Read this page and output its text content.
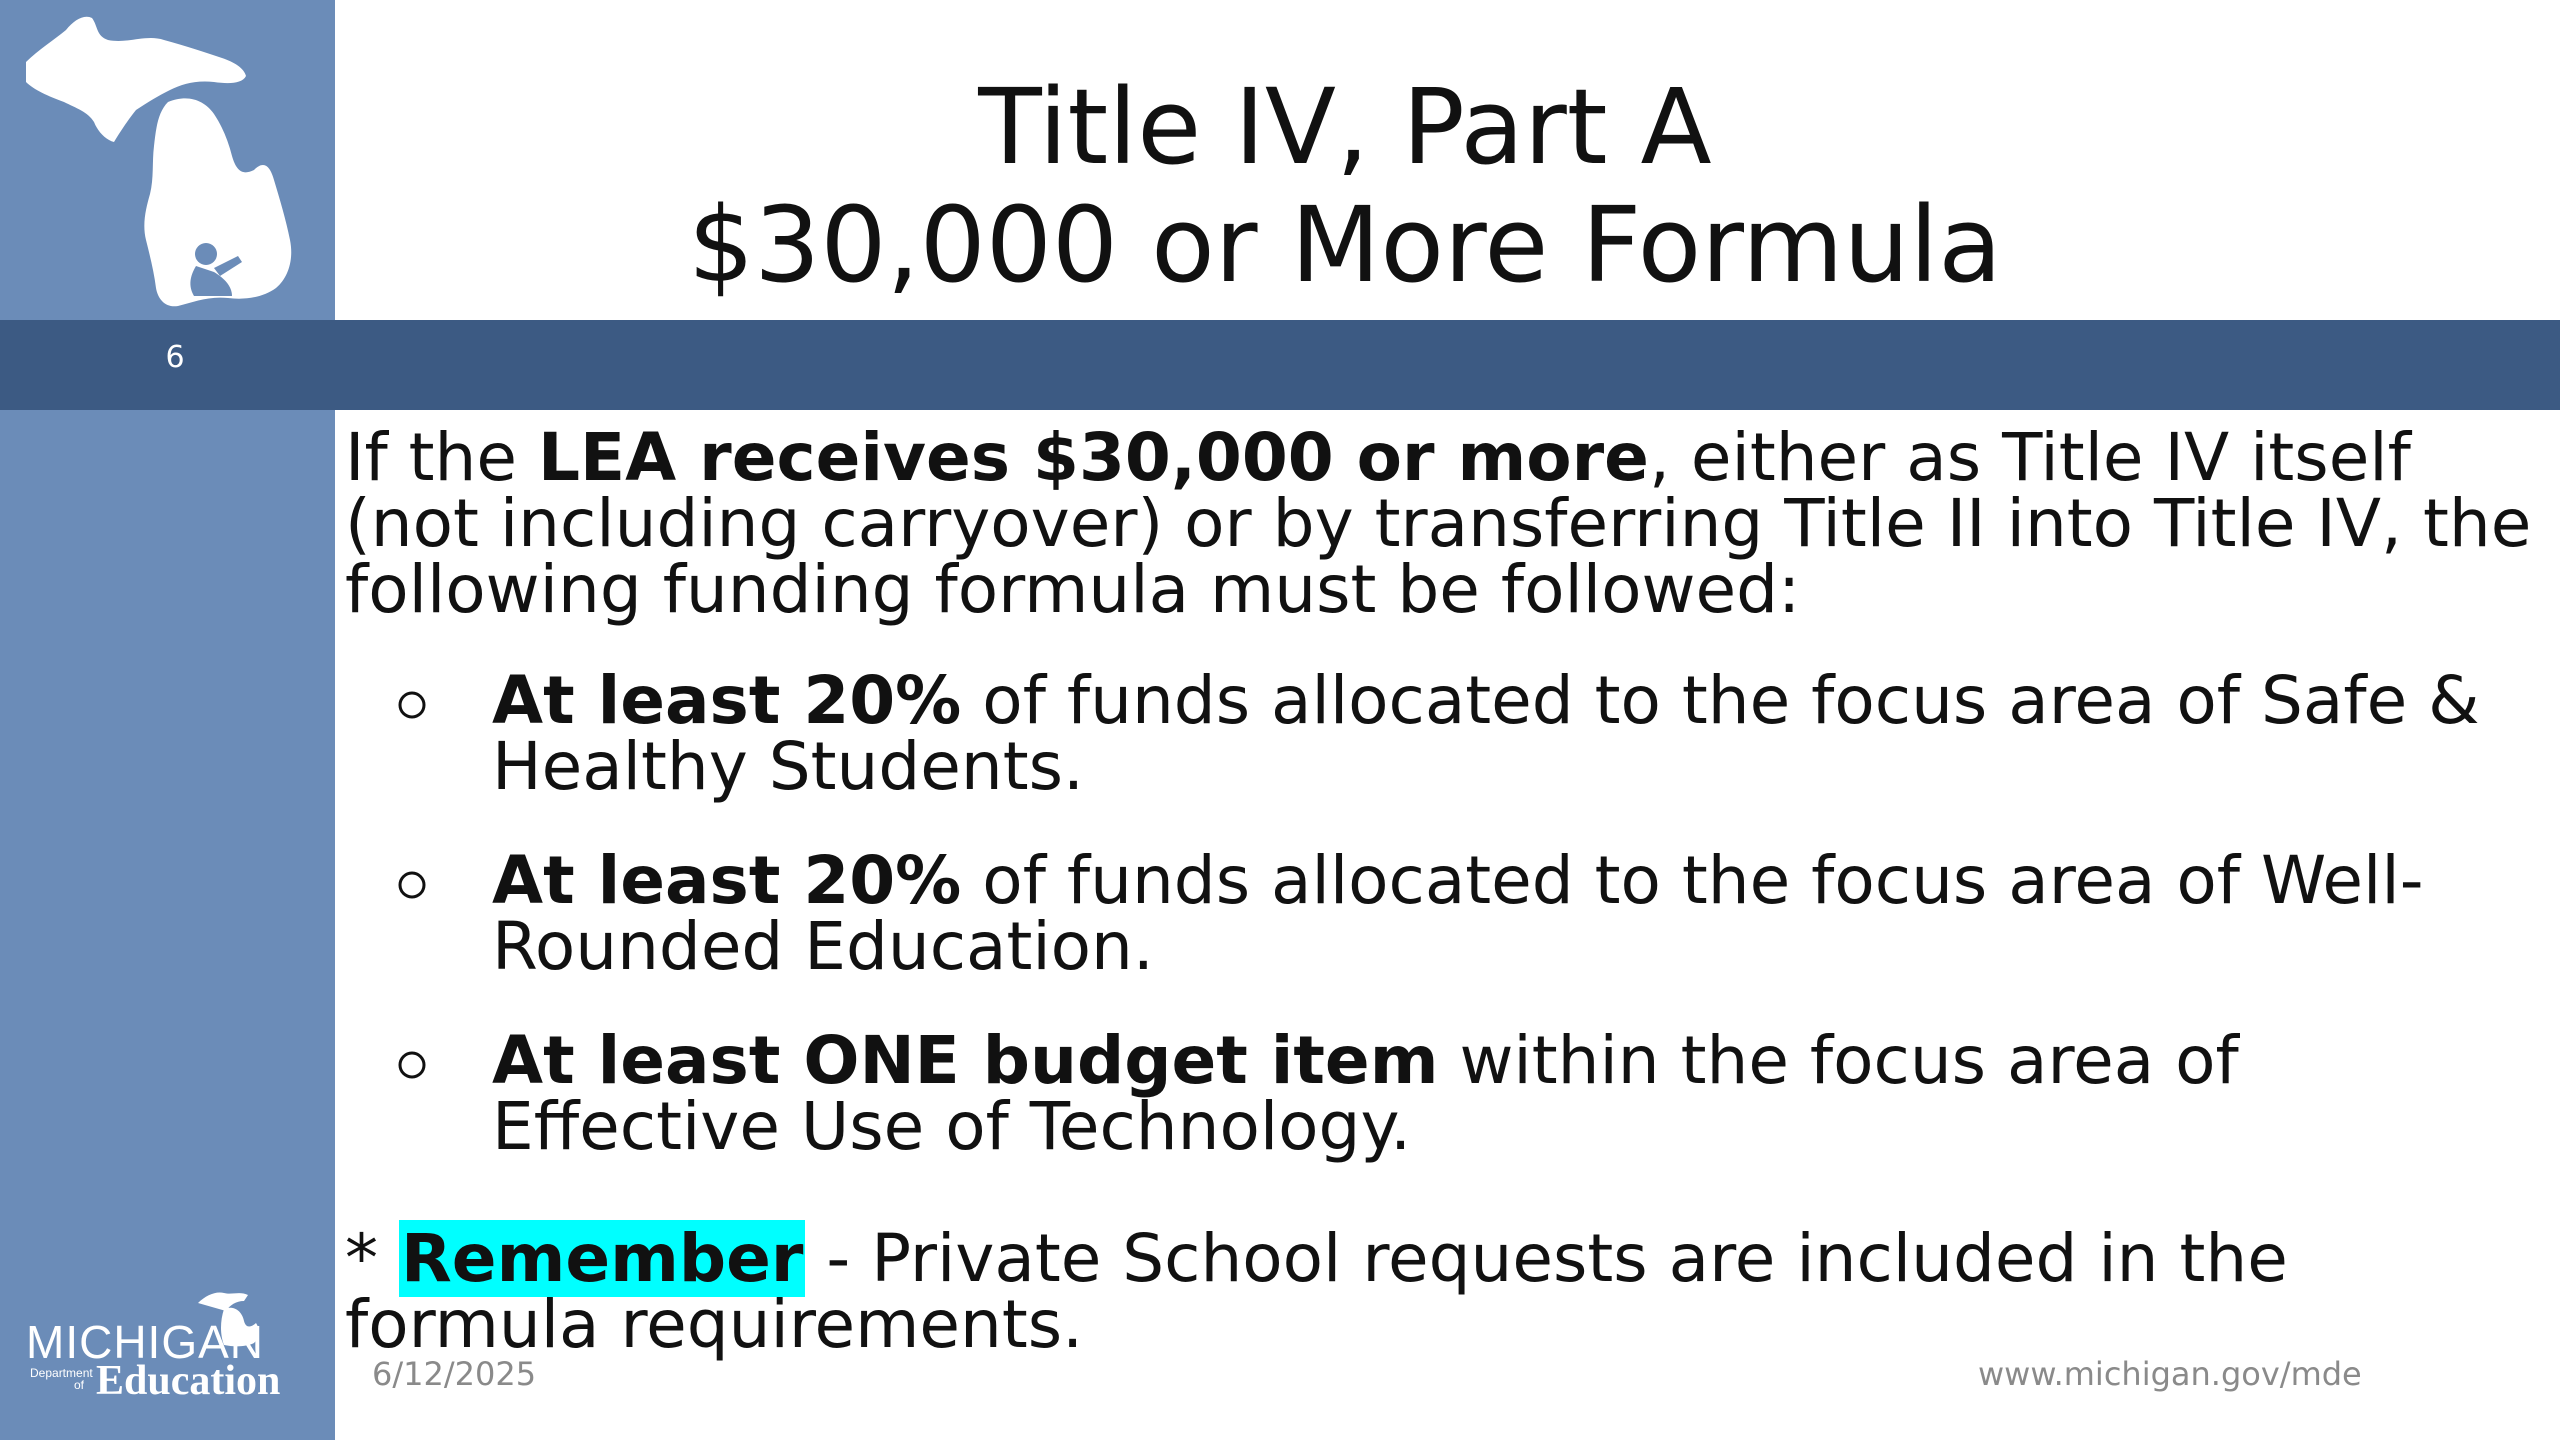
6
MICHIGAN
Department
of Education
Title IV, Part A
$30,000 or More Formula

If the LEA receives $30,000 or more, either as Title IV itself (not including carryover) or by transferring Title II into Title IV, the following funding formula must be followed:

At least 20% of funds allocated to the focus area of Safe & Healthy Students.
At least 20% of funds allocated to the focus area of Well-Rounded Education.
At least ONE budget item within the focus area of Effective Use of Technology.

* Remember - Private School requests are included in the formula requirements.

6/12/2025	www.michigan.gov/mde
